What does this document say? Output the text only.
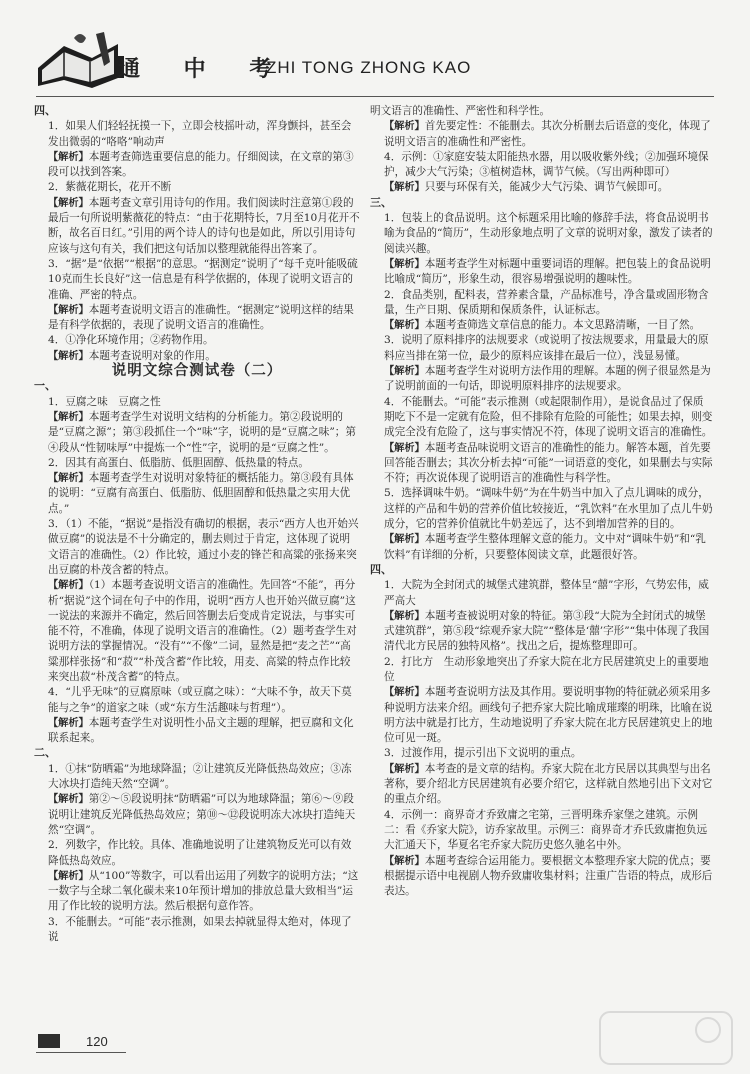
通 中 考
ZHI TONG ZHONG KAO

四、

1．如果人们轻轻抚摸一下，立即会枝摇叶动，浑身颤抖，甚至会发出微弱的“咯咯”响动声

【解析】本题考查筛选重要信息的能力。仔细阅读，在文章的第③段可以找到答案。

2．紫薇花期长，花开不断

【解析】本题考查文章引用诗句的作用。我们阅读时注意第①段的最后一句所说明紫薇花的特点：“由于花期特长，7月至10月花开不断，故名百日红。”引用的两个诗人的诗句也是如此，所以引用诗句应该与这句有关，我们把这句话加以整理就能得出答案了。

3．“据”是“依据”“根据”的意思。“据测定”说明了“每千克叶能吸硫10克而生长良好”这一信息是有科学依据的，体现了说明文语言的准确、严密的特点。

【解析】本题考查说明文语言的准确性。“据测定”说明这样的结果是有科学依据的，表现了说明文语言的准确性。

4．①净化环境作用；②药物作用。

【解析】本题考查说明对象的作用。

说明文综合测试卷（二）

一、

1．豆腐之味　豆腐之性

【解析】本题考查学生对说明文结构的分析能力。第②段说明的是“豆腐之源”；第③段抓住一个“味”字，说明的是“豆腐之味”；第④段从“性韧味厚”中提炼一个“性”字，说明的是“豆腐之性”。

2．因其有高蛋白、低脂肪、低胆固醇、低热量的特点。

【解析】本题考查学生对说明对象特征的概括能力。第③段有具体的说明：“豆腐有高蛋白、低脂肪、低胆固醇和低热量之实用大优点。”

3．（1）不能，“据说”是指没有确切的根据，表示“西方人也开始兴做豆腐”的说法是不十分确定的，删去则过于肯定，这体现了说明文语言的准确性。（2）作比较，通过小麦的锋芒和高粱的张扬来突出豆腐的朴茂含蓄的特点。

【解析】（1）本题考查说明文语言的准确性。先回答“不能”，再分析“据说”这个词在句子中的作用，说明“西方人也开始兴做豆腐”这一说法的来源并不确定，然后回答删去后变成肯定说法，与事实可能不符，不准确，体现了说明文语言的准确性。（2）题考查学生对说明方法的掌握情况。“没有”“不像”二词，显然是把“麦之芒”“高粱那样张扬”和“菽”“朴茂含蓄”作比较，用麦、高粱的特点作比较来突出菽“朴茂含蓄”的特点。

4．“儿乎无味”的豆腐原味（或豆腐之味）：“大味不争，故天下莫能与之争”的道家之味（或“东方生活趣味与哲理”）。

【解析】本题考查学生对说明性小品文主题的理解，把豆腐和文化联系起来。

二、

1．①抹“防晒霜”为地球降温；②让建筑反光降低热岛效应；③冻大冰块打造纯天然“空调”。

【解析】第②～⑤段说明抹“防晒霜”可以为地球降温；第⑥～⑨段说明让建筑反光降低热岛效应；第⑩～⑫段说明冻大冰块打造纯天然“空调”。

2．列数字，作比较。具体、准确地说明了让建筑物反光可以有效降低热岛效应。

【解析】从“100”等数字，可以看出运用了列数字的说明方法；“这一数字与全球二氧化碳未来10年预计增加的排放总量大致相当”运用了作比较的说明方法。然后根据句意作答。

3．不能删去。“可能”表示推测，如果去掉就显得太绝对，体现了说

明文语言的准确性、严密性和科学性。

【解析】首先要定性：不能删去。其次分析删去后语意的变化，体现了说明文语言的准确性和严密性。

4．示例：①家庭安装太阳能热水器，用以吸收紫外线；②加强环境保护，减少大气污染；③植树造林，调节气候。（写出两种即可）

【解析】只要与环保有关，能减少大气污染、调节气候即可。

三、

1．包装上的食品说明。这个标题采用比喻的修辞手法，将食品说明书喻为食品的“简历”，生动形象地点明了文章的说明对象，激发了读者的阅读兴趣。

【解析】本题考查学生对标题中重要词语的理解。把包装上的食品说明比喻成“简历”，形象生动，很容易增强说明的趣味性。

2．食品类别，配料表，营养素含量，产品标准号，净含量或固形物含量，生产日期、保质期和保质条件，认证标志。

【解析】本题考查筛选文章信息的能力。本文思路清晰，一目了然。

3．说明了原料排序的法规要求（或说明了按法规要求，用量最大的原料应当排在第一位，最少的原料应该排在最后一位），浅显易懂。

【解析】本题考查学生对说明方法作用的理解。本题的例子很显然是为了说明前面的一句话，即说明原料排序的法规要求。

4．不能删去。“可能”表示推测（或起限制作用），是说食品过了保质期吃下不是一定就有危险，但不排除有危险的可能性；如果去掉，则变成完全没有危险了，这与事实情况不符，体现了说明文语言的准确性。

【解析】本题考查品味说明文语言的准确性的能力。解答本题，首先要回答能否删去；其次分析去掉“可能”一词语意的变化，如果删去与实际不符；再次说体现了说明语言的准确性与科学性。

5．选择调味牛奶。“调味牛奶”为在牛奶当中加入了点儿调味的成分，这样的产品和牛奶的营养价值比较接近，“乳饮料”在水里加了点儿牛奶成分，它的营养价值就比牛奶差远了，达不到增加营养的目的。

【解析】本题考查学生整体理解文意的能力。文中对“调味牛奶”和“乳饮料”有详细的分析，只要整体阅读文章，此题很好答。

四、

1．大院为全封闭式的城堡式建筑群，整体呈“囍”字形，气势宏伟，威严高大

【解析】本题考查被说明对象的特征。第③段“大院为全封闭式的城堡式建筑群”，第⑤段“综观乔家大院”“整体是‘囍’字形”“集中体现了我国清代北方民居的独特风格”。找出之后，提炼整理即可。

2．打比方　生动形象地突出了乔家大院在北方民居建筑史上的重要地位

【解析】本题考查说明方法及其作用。要说明事物的特征就必须采用多种说明方法来介绍。画线句子把乔家大院比喻成璀璨的明珠，比喻在说明方法中就是打比方，生动地说明了乔家大院在北方民居建筑史上的地位可见一斑。

3．过渡作用，提示引出下文说明的重点。

【解析】本考查的是文章的结构。乔家大院在北方民居以其典型与出名著称，要介绍北方民居建筑有必要介绍它，这样就自然地引出下文对它的重点介绍。

4．示例一：商界奇才乔致庸之宅第，三晋明珠乔家堡之建筑。示例二：看《乔家大院》，访乔家故里。示例三：商界奇才乔氏致庸抱负远大汇通天下，华夏名宅乔家大院历史悠久驰名中外。

【解析】本题考查综合运用能力。要根据文本整理乔家大院的优点；要根据提示语中电视剧人物乔致庸收集材料；注重广告语的特点，成形后表达。

120
